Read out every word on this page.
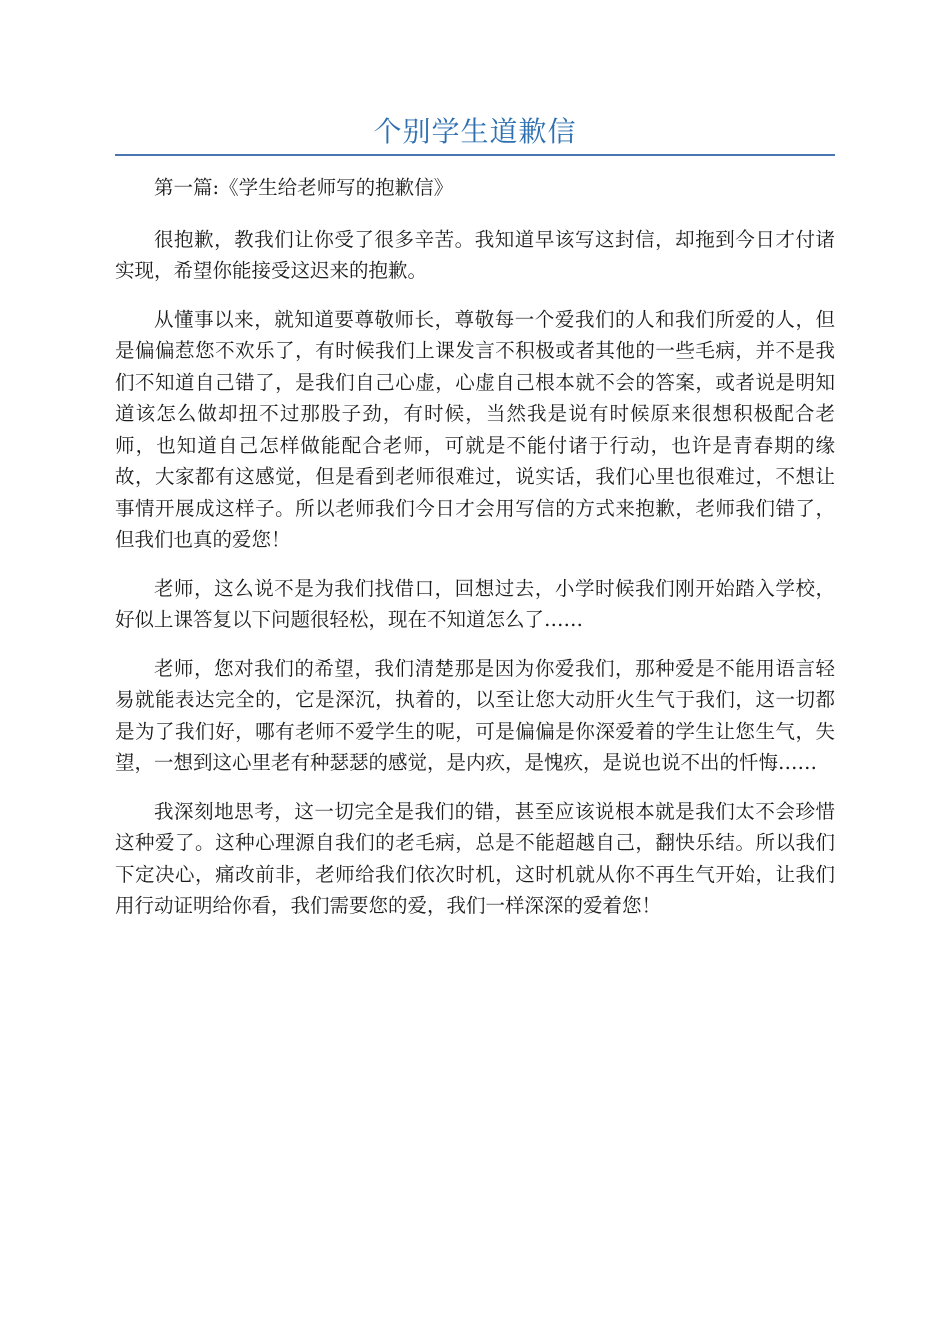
个别学生道歉信

第一篇:《学生给老师写的抱歉信》

很抱歉，教我们让你受了很多辛苦。我知道早该写这封信，却拖到今日才付诸实现，希望你能接受这迟来的抱歉。

从懂事以来，就知道要尊敬师长，尊敬每一个爱我们的人和我们所爱的人，但是偏偏惹您不欢乐了，有时候我们上课发言不积极或者其他的一些毛病，并不是我们不知道自己错了，是我们自己心虚，心虚自己根本就不会的答案，或者说是明知道该怎么做却扭不过那股子劲，有时候，当然我是说有时候原来很想积极配合老师，也知道自己怎样做能配合老师，可就是不能付诸于行动，也许是青春期的缘故，大家都有这感觉，但是看到老师很难过，说实话，我们心里也很难过，不想让事情开展成这样子。所以老师我们今日才会用写信的方式来抱歉，老师我们错了，但我们也真的爱您！

老师，这么说不是为我们找借口，回想过去，小学时候我们刚开始踏入学校，好似上课答复以下问题很轻松，现在不知道怎么了……

老师，您对我们的希望，我们清楚那是因为你爱我们，那种爱是不能用语言轻易就能表达完全的，它是深沉，执着的，以至让您大动肝火生气于我们，这一切都是为了我们好，哪有老师不爱学生的呢，可是偏偏是你深爱着的学生让您生气，失望，一想到这心里老有种瑟瑟的感觉，是内疚，是愧疚，是说也说不出的忏悔……

我深刻地思考，这一切完全是我们的错，甚至应该说根本就是我们太不会珍惜这种爱了。这种心理源自我们的老毛病，总是不能超越自己，翻快乐结。所以我们下定决心，痛改前非，老师给我们依次时机，这时机就从你不再生气开始，让我们用行动证明给你看，我们需要您的爱，我们一样深深的爱着您！
